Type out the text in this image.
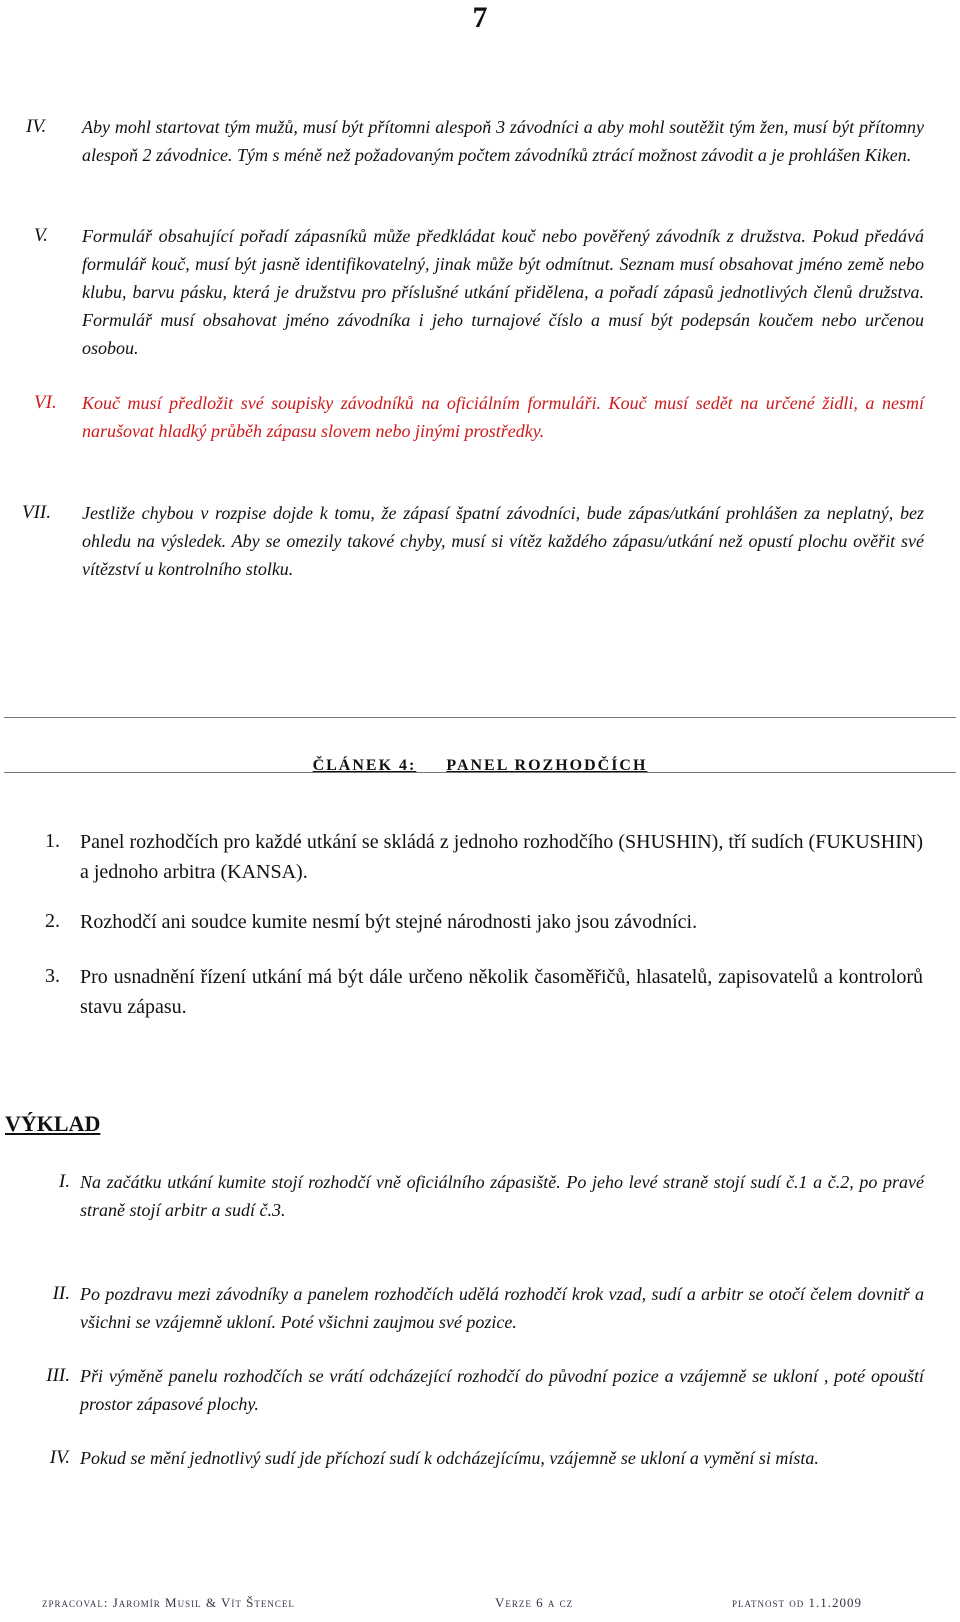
7
IV.	Aby mohl startovat tým mužů, musí být přítomni alespoň 3 závodníci a aby mohl soutěžit tým žen, musí být přítomny alespoň 2 závodnice. Tým s méně než požadovaným počtem závodníků ztrácí možnost závodit a je prohlášen Kiken.
V.	Formulář obsahující pořadí zápasníků může předkládat kouč nebo pověřený závodník z družstva. Pokud předává formulář kouč, musí být jasně identifikovatelný, jinak může být odmítnut. Seznam musí obsahovat jméno země nebo klubu, barvu pásku, která je družstvu pro příslušné utkání přidělena, a pořadí zápasů jednotlivých členů družstva. Formulář musí obsahovat jméno závodníka i jeho turnajové číslo a musí být podepsán koučem nebo určenou osobou.
VI.	Kouč musí předložit své soupisky závodníků na oficiálním formuláři. Kouč musí sedět na určené židli, a nesmí narušovat hladký průběh zápasu slovem nebo jinými prostředky.
VII.	Jestliže chybou v rozpise dojde k tomu, že zápasí špatní závodníci, bude zápas/utkání prohlášen za neplatný, bez ohledu na výsledek. Aby se omezily takové chyby, musí si vítěz každého zápasu/utkání než opustí plochu ověřit své vítězství u kontrolního stolku.
ČLÁNEK 4: PANEL ROZHODČÍCH
1. Panel rozhodčích pro každé utkání se skládá z jednoho rozhodčího (SHUSHIN), tří sudích (FUKUSHIN) a jednoho arbitra (KANSA).
2. Rozhodčí ani soudce kumite nesmí být stejné národnosti jako jsou závodníci.
3. Pro usnadnění řízení utkání má být dále určeno několik časoměřičů, hlasatelů, zapisovatelů a kontrolorů stavu zápasu.
VÝKLAD
I. Na začátku utkání kumite stojí rozhodčí vně oficiálního zápasiště. Po jeho levé straně stojí sudí č.1 a č.2, po pravé straně stojí arbitr a sudí č.3.
II. Po pozdravu mezi závodníky a panelem rozhodčích udělá rozhodčí krok vzad, sudí a arbitr se otočí čelem dovnitř a všichni se vzájemně ukloní. Poté všichni zaujmou své pozice.
III. Při výměně panelu rozhodčích se vrátí odcházející rozhodčí do původní pozice a vzájemně se ukloní , poté opouští prostor zápasové plochy.
IV. Pokud se mění jednotlivý sudí jde příchozí sudí k odcházejícímu, vzájemně se ukloní a vymění si místa.
zpracoval: Jaromír Musil & Vít Štencel	Verze 6 a cz	platnost od 1.1.2009
